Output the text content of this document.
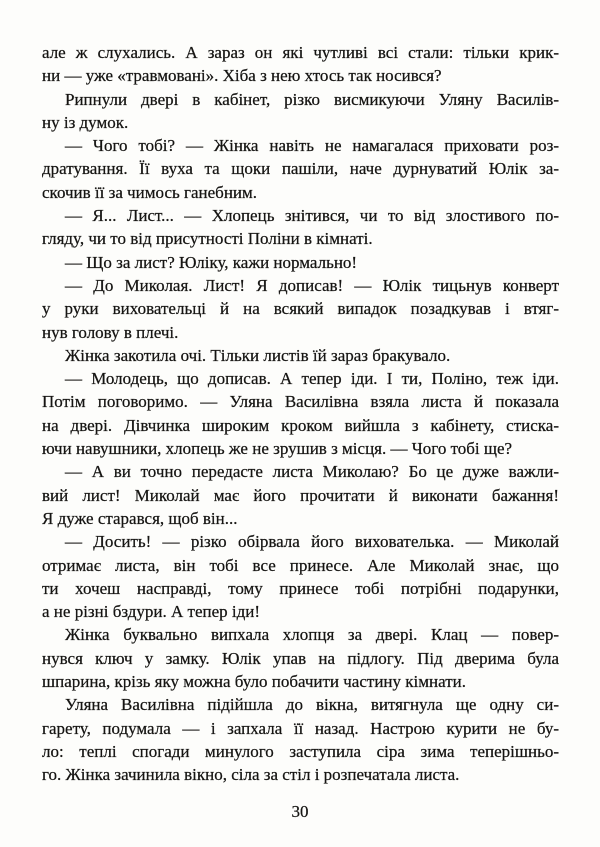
але ж слухались. А зараз он які чутливі всі стали: тільки крик-
ни — уже «травмовані». Хіба з нею хтось так носився?
Рипнули двері в кабінет, різко висмикуючи Уляну Василів-
ну із думок.
— Чого тобі? — Жінка навіть не намагалася приховати роз-
дратування. Її вуха та щоки пашіли, наче дурнуватий Юлік за-
скочив її за чимось ганебним.
— Я... Лист... — Хлопець знітився, чи то від злостивого по-
гляду, чи то від присутності Поліни в кімнаті.
— Що за лист? Юліку, кажи нормально!
— До Миколая. Лист! Я дописав! — Юлік тицьнув конверт
у руки виховательці й на всякий випадок позадкував і втяг-
нув голову в плечі.
Жінка закотила очі. Тільки листів їй зараз бракувало.
— Молодець, що дописав. А тепер іди. І ти, Поліно, теж іди.
Потім поговоримо. — Уляна Василівна взяла листа й показала
на двері. Дівчинка широким кроком вийшла з кабінету, стиска-
ючи навушники, хлопець же не зрушив з місця. — Чого тобі ще?
— А ви точно передасте листа Миколаю? Бо це дуже важли-
вий лист! Миколай має його прочитати й виконати бажання!
Я дуже старався, щоб він...
— Досить! — різко обірвала його вихователька. — Миколай
отримає листа, він тобі все принесе. Але Миколай знає, що
ти хочеш насправді, тому принесе тобі потрібні подарунки,
а не різні бздури. А тепер іди!
Жінка буквально випхала хлопця за двері. Клац — повер-
нувся ключ у замку. Юлік упав на підлогу. Під дверима була
шпарина, крізь яку можна було побачити частину кімнати.
Уляна Василівна підійшла до вікна, витягнула ще одну си-
гарету, подумала — і запхала її назад. Настрою курити не бу-
ло: теплі спогади минулого заступила сіра зима теперішньо-
го. Жінка зачинила вікно, сіла за стіл і розпечатала листа.
30
